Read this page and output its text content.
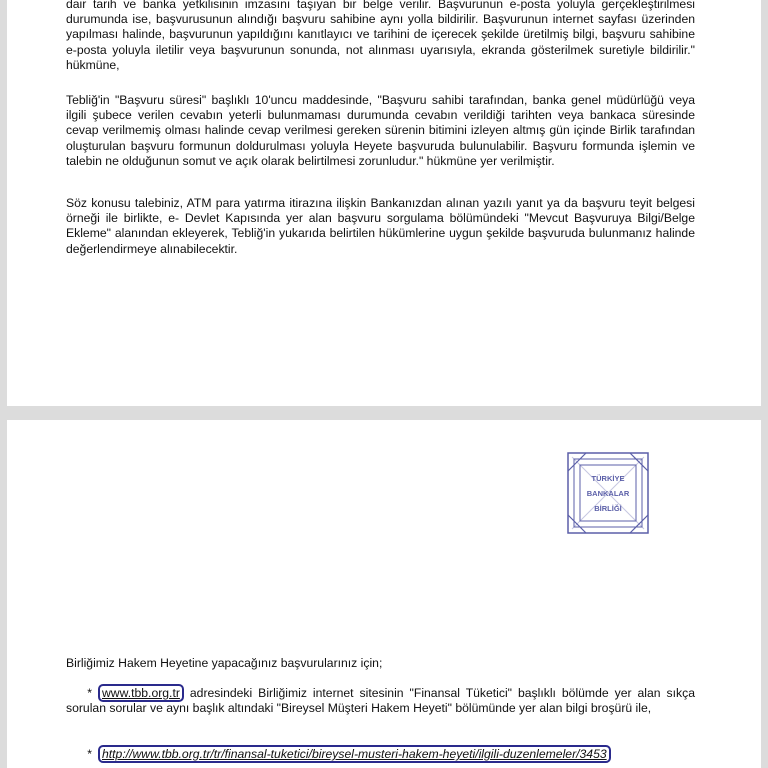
dair tarih ve banka yetkilisinin imzasını taşıyan bir belge verilir. Başvurunun e-posta yoluyla gerçekleştirilmesi durumunda ise, başvurusunun alındığı başvuru sahibine aynı yolla bildirilir. Başvurunun internet sayfası üzerinden yapılması halinde, başvurunun yapıldığını kanıtlayıcı ve tarihini de içerecek şekilde üretilmiş bilgi, başvuru sahibine e-posta yoluyla iletilir veya başvurunun sonunda, not alınması uyarısıyla, ekranda gösterilmek suretiyle bildirilir." hükmüne,

Tebliğ'in "Başvuru süresi" başlıklı 10'uncu maddesinde, "Başvuru sahibi tarafından, banka genel müdürlüğü veya ilgili şubece verilen cevabın yeterli bulunmaması durumunda cevabın verildiği tarihten veya bankaca süresinde cevap verilmemiş olması halinde cevap verilmesi gereken sürenin bitimini izleyen altmış gün içinde Birlik tarafından oluşturulan başvuru formunun doldurulması yoluyla Heyete başvuruda bulunulabilir. Başvuru formunda işlemin ve talebin ne olduğunun somut ve açık olarak belirtilmesi zorunludur." hükmüne yer verilmiştir.

Söz konusu talebiniz, ATM para yatırma itirazına ilişkin Bankanızdan alınan yazılı yanıt ya da başvuru teyit belgesi örneği ile birlikte, e- Devlet Kapısında yer alan başvuru sorgulama bölümündeki "Mevcut Başvuruya Bilgi/Belge Ekleme" alanından ekleyerek, Tebliğ'in yukarıda belirtilen hükümlerine uygun şekilde başvuruda bulunmanız halinde değerlendirmeye alınabilecektir.

TÜRKİYE
BANKALAR
BİRLİĞİ

Birliğimiz Hakem Heyetine yapacağınız başvurularınız için;

* www.tbb.org.tr adresindeki Birliğimiz internet sitesinin "Finansal Tüketici" başlıklı bölümde yer alan sıkça sorulan sorular ve aynı başlık altındaki "Bireysel Müşteri Hakem Heyeti" bölümünde yer alan bilgi broşürü ile,
* http://www.tbb.org.tr/tr/finansal-tuketici/bireysel-musteri-hakem-heyeti/ilgili-duzenlemeler/3453
